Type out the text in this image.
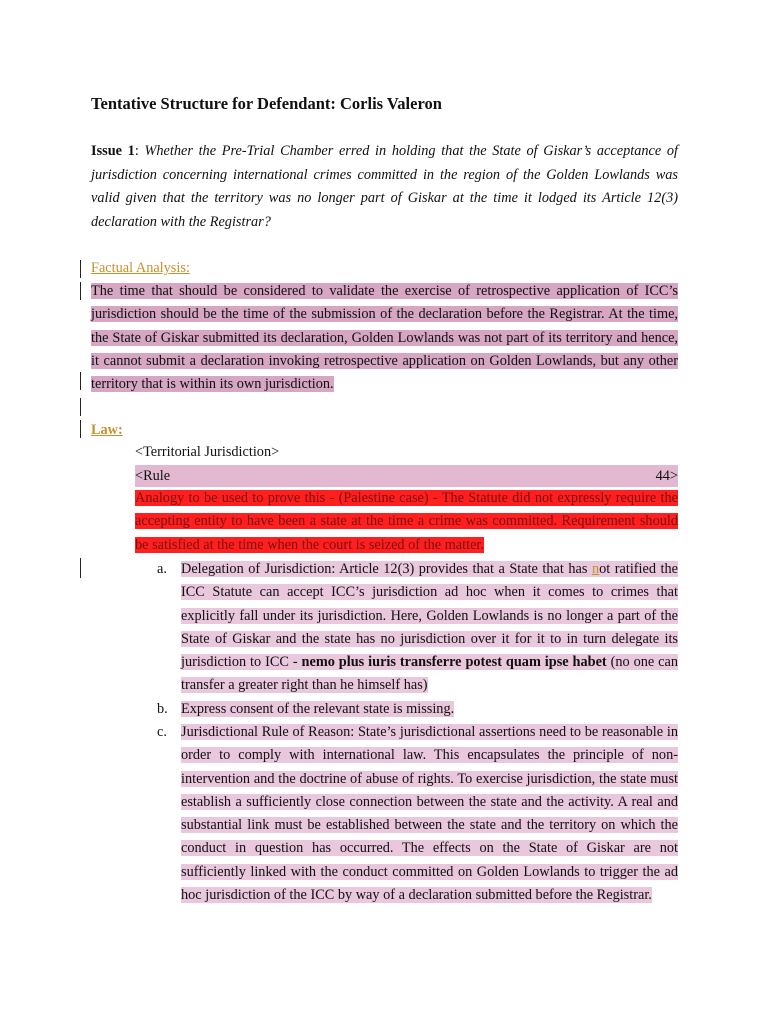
Tentative Structure for Defendant: Corlis Valeron

Issue 1: Whether the Pre-Trial Chamber erred in holding that the State of Giskar’s acceptance of jurisdiction concerning international crimes committed in the region of the Golden Lowlands was valid given that the territory was no longer part of Giskar at the time it lodged its Article 12(3) declaration with the Registrar?

Factual Analysis:
The time that should be considered to validate the exercise of retrospective application of ICC’s jurisdiction should be the time of the submission of the declaration before the Registrar. At the time, the State of Giskar submitted its declaration, Golden Lowlands was not part of its territory and hence, it cannot submit a declaration invoking retrospective application on Golden Lowlands, but any other territory that is within its own jurisdiction.
Law:
<Territorial Jurisdiction>
<Rule	44>
Analogy to be used to prove this - (Palestine case) - The Statute did not expressly require the accepting entity to have been a state at the time a crime was committed. Requirement should be satisfied at the time when the court is seized of the matter.
a. Delegation of Jurisdiction: Article 12(3) provides that a State that has not ratified the ICC Statute can accept ICC’s jurisdiction ad hoc when it comes to crimes that explicitly fall under its jurisdiction. Here, Golden Lowlands is no longer a part of the State of Giskar and the state has no jurisdiction over it for it to in turn delegate its jurisdiction to ICC - nemo plus iuris transferre potest quam ipse habet (no one can transfer a greater right than he himself has)
b. Express consent of the relevant state is missing.
c. Jurisdictional Rule of Reason: State’s jurisdictional assertions need to be reasonable in order to comply with international law. This encapsulates the principle of non-intervention and the doctrine of abuse of rights. To exercise jurisdiction, the state must establish a sufficiently close connection between the state and the activity. A real and substantial link must be established between the state and the territory on which the conduct in question has occurred. The effects on the State of Giskar are not sufficiently linked with the conduct committed on Golden Lowlands to trigger the ad hoc jurisdiction of the ICC by way of a declaration submitted before the Registrar.
